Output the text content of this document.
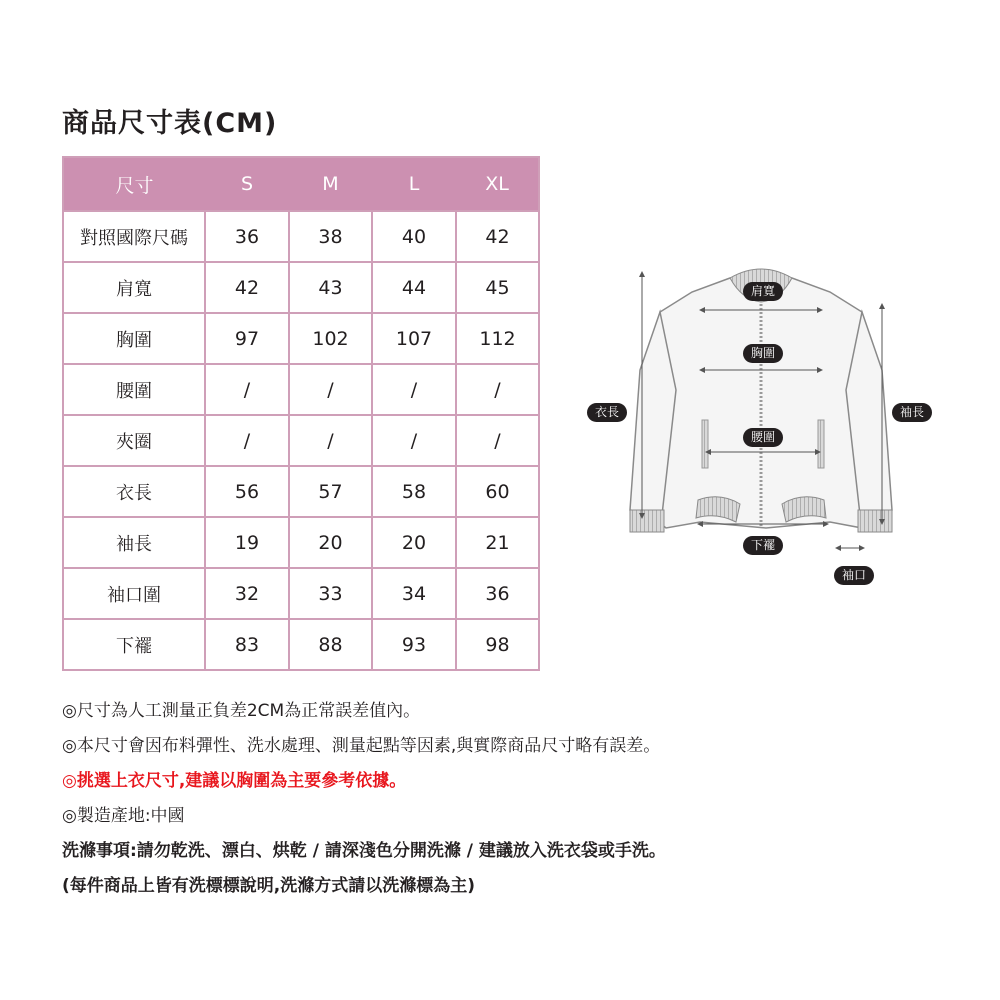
商品尺寸表(CM)
尺寸	S	M	L	XL
對照國際尺碼	36	38	40	42
肩寬	42	43	44	45
胸圍	97	102	107	112
腰圍	/	/	/	/
夾圈	/	/	/	/
衣長	56	57	58	60
袖長	19	20	20	21
袖口圍	32	33	34	36
下襬	83	88	93	98
肩寬
胸圍
腰圍
衣長	袖長
下襬
袖口
◎尺寸為人工測量正負差2CM為正常誤差值內。
◎本尺寸會因布料彈性、洗水處理、測量起點等因素,與實際商品尺寸略有誤差。
◎挑選上衣尺寸,建議以胸圍為主要參考依據。
◎製造產地:中國
洗滌事項:請勿乾洗、漂白、烘乾 / 請深淺色分開洗滌 / 建議放入洗衣袋或手洗。
(每件商品上皆有洗標標說明,洗滌方式請以洗滌標為主)
